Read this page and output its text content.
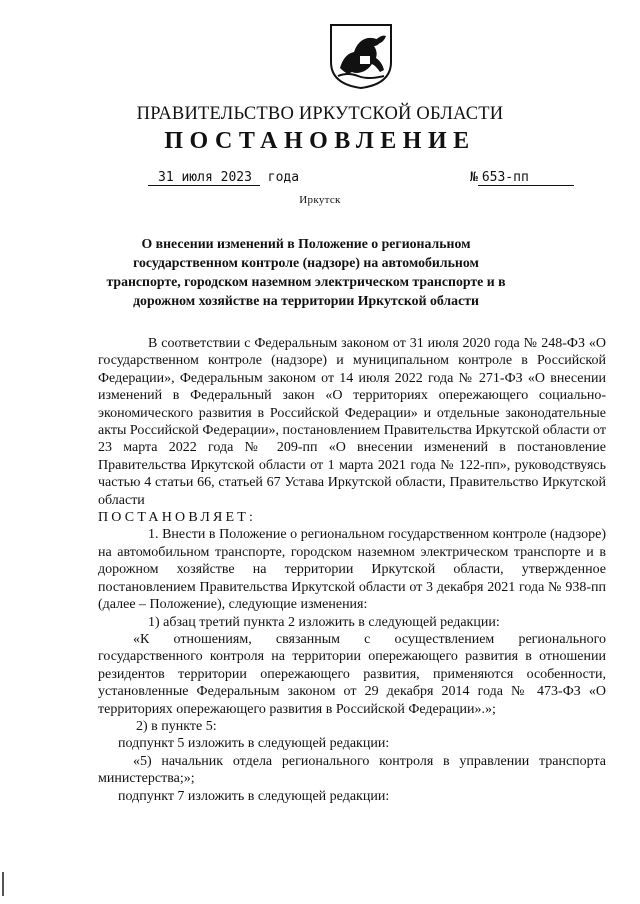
ПРАВИТЕЛЬСТВО ИРКУТСКОЙ ОБЛАСТИ
ПОСТАНОВЛЕНИЕ
31 июля 2023 года	№ 653-пп
Иркутск
О внесении изменений в Положение о региональном государственном контроле (надзоре) на автомобильном транспорте, городском наземном электрическом транспорте и в дорожном хозяйстве на территории Иркутской области

В соответствии с Федеральным законом от 31 июля 2020 года № 248-ФЗ «О государственном контроле (надзоре) и муниципальном контроле в Российской Федерации», Федеральным законом от 14 июля 2022 года № 271-ФЗ «О внесении изменений в Федеральный закон «О территориях опережающего социально-экономического развития в Российской Федерации» и отдельные законодательные акты Российской Федерации», постановлением Правительства Иркутской области от 23 марта 2022 года № 209-пп «О внесении изменений в постановление Правительства Иркутской области от 1 марта 2021 года № 122-пп», руководствуясь частью 4 статьи 66, статьей 67 Устава Иркутской области, Правительство Иркутской области

ПОСТАНОВЛЯЕТ:

1. Внести в Положение о региональном государственном контроле (надзоре) на автомобильном транспорте, городском наземном электрическом транспорте и в дорожном хозяйстве на территории Иркутской области, утвержденное постановлением Правительства Иркутской области от 3 декабря 2021 года № 938-пп (далее – Положение), следующие изменения:

1) абзац третий пункта 2 изложить в следующей редакции:

«К отношениям, связанным с осуществлением регионального государственного контроля на территории опережающего развития в отношении резидентов территории опережающего развития, применяются особенности, установленные Федеральным законом от 29 декабря 2014 года № 473-ФЗ «О территориях опережающего развития в Российской Федерации».»;

2) в пункте 5:

подпункт 5 изложить в следующей редакции:

«5) начальник отдела регионального контроля в управлении транспорта министерства;»;

подпункт 7 изложить в следующей редакции:
